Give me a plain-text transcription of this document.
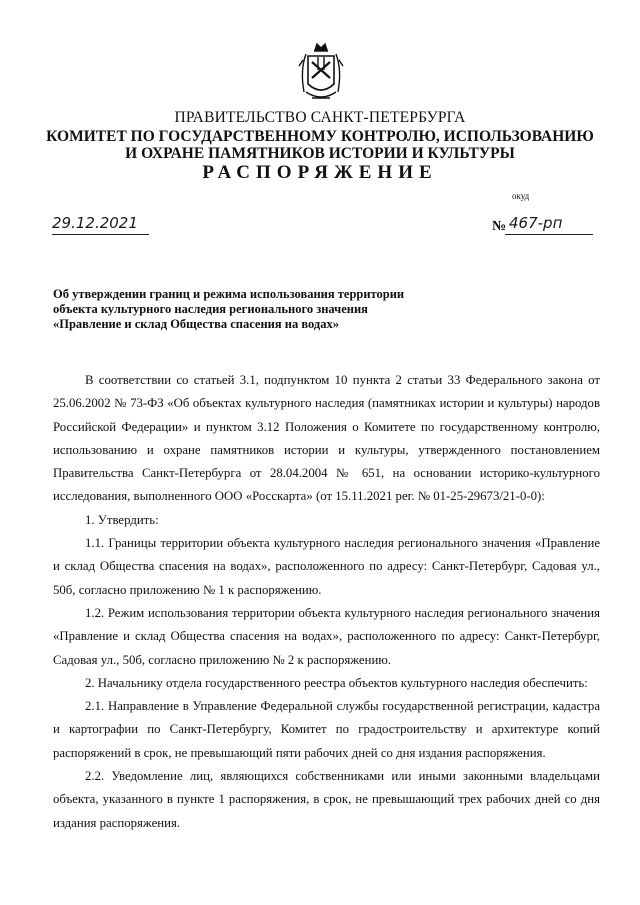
ПРАВИТЕЛЬСТВО САНКТ-ПЕТЕРБУРГА
КОМИТЕТ ПО ГОСУДАРСТВЕННОМУ КОНТРОЛЮ, ИСПОЛЬЗОВАНИЮ
И ОХРАНЕ ПАМЯТНИКОВ ИСТОРИИ И КУЛЬТУРЫ
РАСПОРЯЖЕНИЕ
окуд
29.12.2021	№ 467-рп
Об утверждении границ и режима использования территории
объекта культурного наследия регионального значения
«Правление и склад Общества спасения на водах»

В соответствии со статьей 3.1, подпунктом 10 пункта 2 статьи 33 Федерального закона от 25.06.2002 № 73-ФЗ «Об объектах культурного наследия (памятниках истории и культуры) народов Российской Федерации» и пунктом 3.12 Положения о Комитете по государственному контролю, использованию и охране памятников истории и культуры, утвержденного постановлением Правительства Санкт-Петербурга от 28.04.2004 № 651, на основании историко-культурного исследования, выполненного ООО «Росскарта» (от 15.11.2021 рег. № 01-25-29673/21-0-0):

1. Утвердить:

1.1. Границы территории объекта культурного наследия регионального значения «Правление и склад Общества спасения на водах», расположенного по адресу: Санкт-Петербург, Садовая ул., 50б, согласно приложению № 1 к распоряжению.

1.2. Режим использования территории объекта культурного наследия регионального значения «Правление и склад Общества спасения на водах», расположенного по адресу: Санкт-Петербург, Садовая ул., 50б, согласно приложению № 2 к распоряжению.

2. Начальнику отдела государственного реестра объектов культурного наследия обеспечить:

2.1. Направление в Управление Федеральной службы государственной регистрации, кадастра и картографии по Санкт-Петербургу, Комитет по градостроительству и архитектуре копий распоряжений в срок, не превышающий пяти рабочих дней со дня издания распоряжения.

2.2. Уведомление лиц, являющихся собственниками или иными законными владельцами объекта, указанного в пункте 1 распоряжения, в срок, не превышающий трех рабочих дней со дня издания распоряжения.
